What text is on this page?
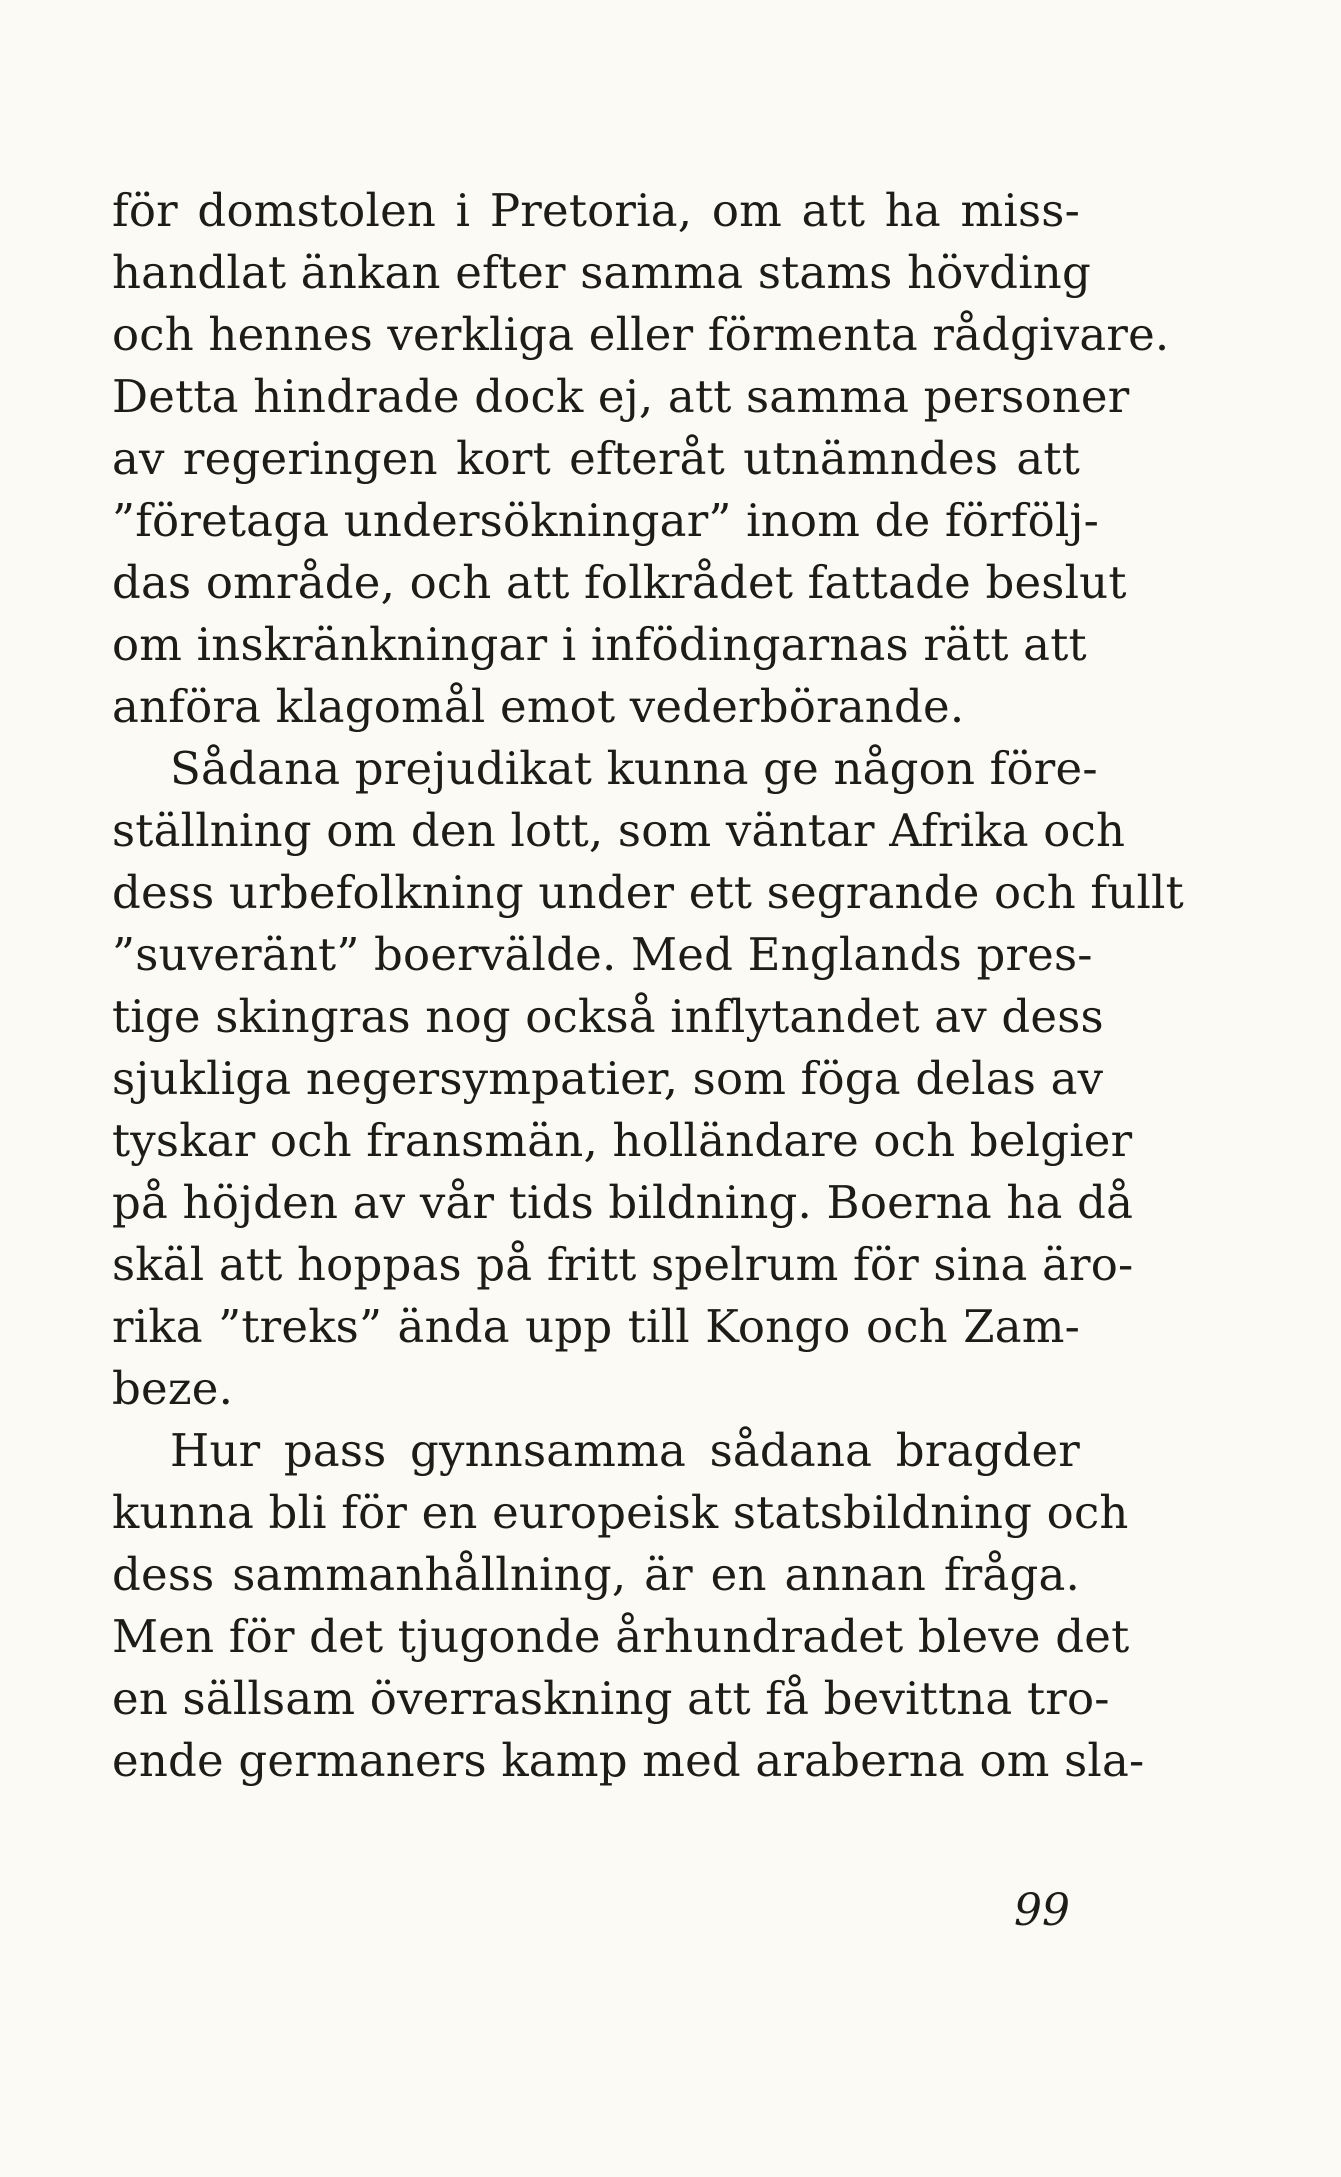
för domstolen i Pretoria, om att ha miss-
handlat änkan efter samma stams hövding
och hennes verkliga eller förmenta rådgivare.
Detta hindrade dock ej, att samma personer
av regeringen kort efteråt utnämndes att
”företaga undersökningar” inom de förfölj-
das område, och att folkrådet fattade beslut
om inskränkningar i infödingarnas rätt att
anföra klagomål emot vederbörande.
Sådana prejudikat kunna ge någon före-
ställning om den lott, som väntar Afrika och
dess urbefolkning under ett segrande och fullt
”suveränt” boervälde. Med Englands pres-
tige skingras nog också inflytandet av dess
sjukliga negersympatier, som föga delas av
tyskar och fransmän, holländare och belgier
på höjden av vår tids bildning. Boerna ha då
skäl att hoppas på fritt spelrum för sina äro-
rika ”treks” ända upp till Kongo och Zam-
beze.
Hur pass gynnsamma sådana bragder
kunna bli för en europeisk statsbildning och
dess sammanhållning, är en annan fråga.
Men för det tjugonde århundradet bleve det
en sällsam överraskning att få bevittna tro-
ende germaners kamp med araberna om sla-
99
